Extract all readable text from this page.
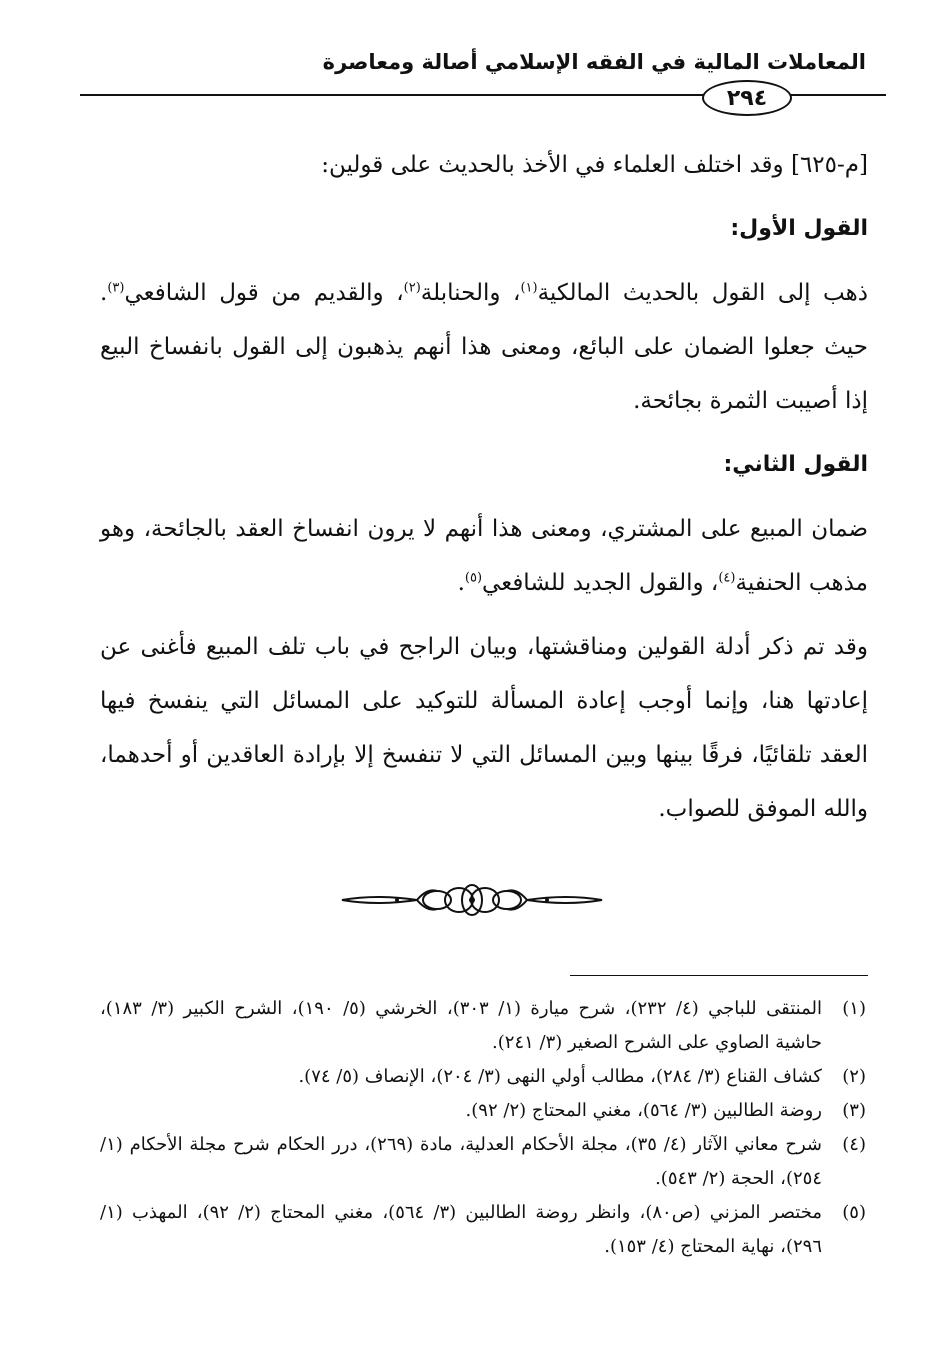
المعاملات المالية في الفقه الإسلامي أصالة ومعاصرة
٢٩٤

[م-٦٢٥] وقد اختلف العلماء في الأخذ بالحديث على قولين:

القول الأول:

ذهب إلى القول بالحديث المالكية$^{(١)}$، والحنابلة$^{(٢)}$، والقديم من قول الشافعي$^{(٣)}$. حيث جعلوا الضمان على البائع، ومعنى هذا أنهم يذهبون إلى القول بانفساخ البيع إذا أصيبت الثمرة بجائحة.

القول الثاني:

ضمان المبيع على المشتري، ومعنى هذا أنهم لا يرون انفساخ العقد بالجائحة، وهو مذهب الحنفية$^{(٤)}$، والقول الجديد للشافعي$^{(٥)}$.

وقد تم ذكر أدلة القولين ومناقشتها، وبيان الراجح في باب تلف المبيع فأغنى عن إعادتها هنا، وإنما أوجب إعادة المسألة للتوكيد على المسائل التي ينفسخ فيها العقد تلقائيًا، فرقًا بينها وبين المسائل التي لا تنفسخ إلا بإرادة العاقدين أو أحدهما، والله الموفق للصواب.

(١)
المنتقى للباجي (٤/ ٢٣٢)، شرح ميارة (١/ ٣٠٣)، الخرشي (٥/ ١٩٠)، الشرح الكبير (٣/ ١٨٣)، حاشية الصاوي على الشرح الصغير (٣/ ٢٤١).
(٢)
كشاف القناع (٣/ ٢٨٤)، مطالب أولي النهى (٣/ ٢٠٤)، الإنصاف (٥/ ٧٤).
(٣)
روضة الطالبين (٣/ ٥٦٤)، مغني المحتاج (٢/ ٩٢).
(٤)
شرح معاني الآثار (٤/ ٣٥)، مجلة الأحكام العدلية، مادة (٢٦٩)، درر الحكام شرح مجلة الأحكام (١/ ٢٥٤)، الحجة (٢/ ٥٤٣).
(٥)
مختصر المزني (ص٨٠)، وانظر روضة الطالبين (٣/ ٥٦٤)، مغني المحتاج (٢/ ٩٢)، المهذب (١/ ٢٩٦)، نهاية المحتاج (٤/ ١٥٣).
